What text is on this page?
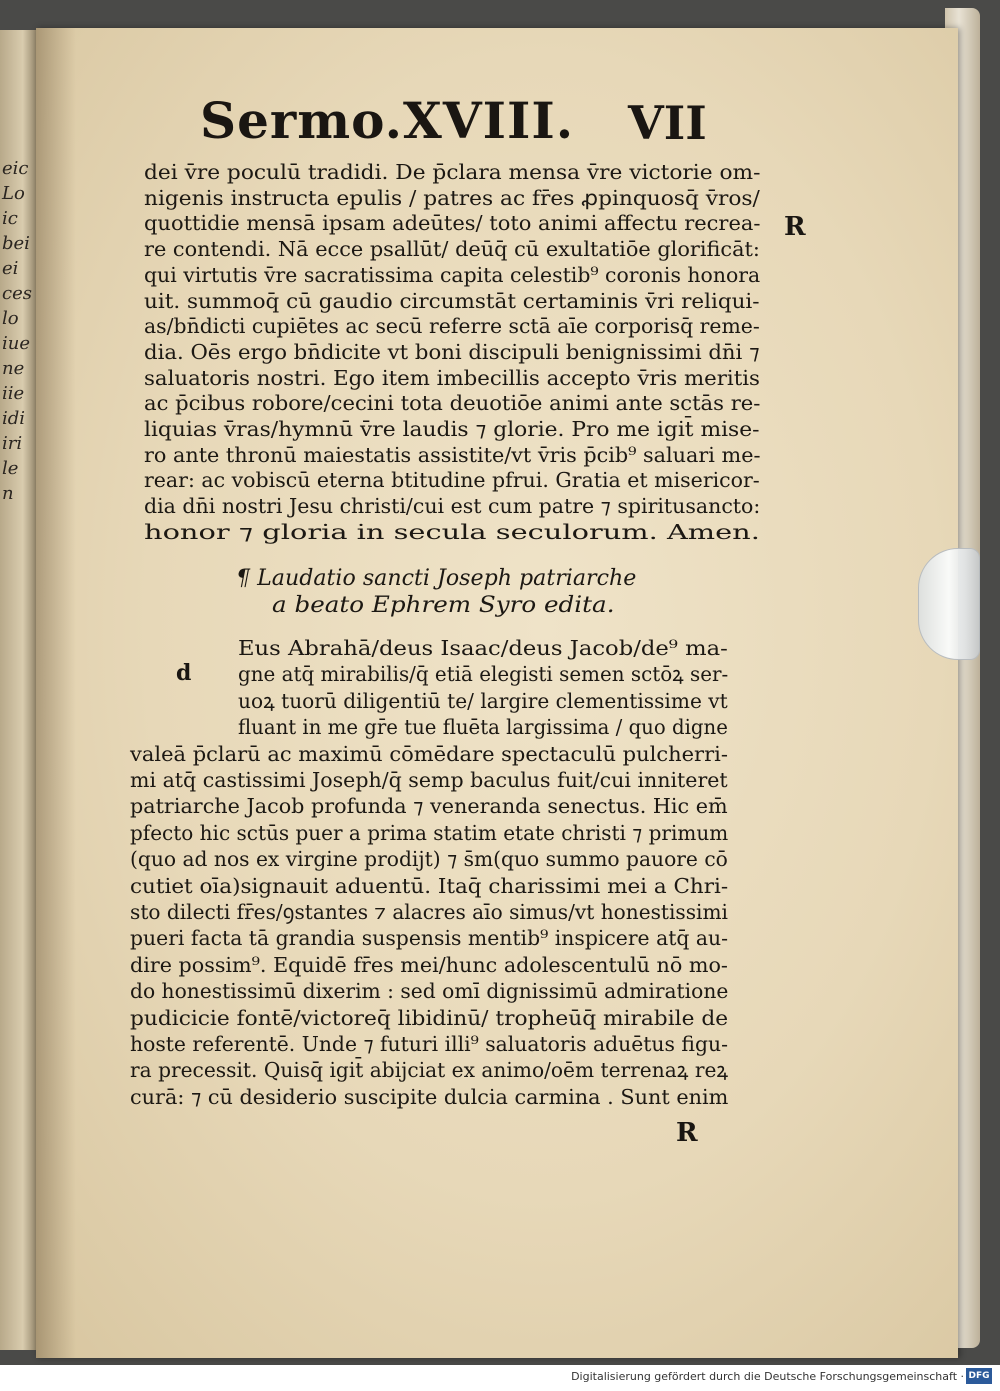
eic
Lo
ic
bei
ei
ces
lo
iue
ne
iie
idi
iri
le
n
Sermo.XVIII. VII
R
d
R
dei v̄re poculū tradidi. De p̄clara mensa v̄re victorie om-
nigenis instructa epulis / patres ac fr̄es ꝓpinquosq̄ v̄ros/
quottidie mensā ipsam adeūtes/ toto animi affectu recrea-
re contendi. Nā ecce psallūt/ deūq̄ cū exultatiōe glorificāt:
qui virtutis v̄re sacratissima capita celestib⁹ coronis honora
uit. summoq̄ cū gaudio circumstāt certaminis v̄ri reliqui-
as/bn̄dicti cupiētes ac secū referre sctā aīe corporisq̄ reme-
dia. Oēs ergo bn̄dicite vt boni discipuli benignissimi dn̄i ⁊
saluatoris nostri. Ego item imbecillis accepto v̄ris meritis
ac p̄cibus robore/cecini tota deuotiōe animi ante sctās re-
liquias v̄ras/hymnū v̄re laudis ⁊ glorie. Pro me igit̄ mise-
ro ante thronū maiestatis assistite/vt v̄ris p̄cib⁹ saluari me-
rear: ac vobiscū eterna btitudine pfrui. Gratia et misericor-
dia dn̄i nostri Jesu christi/cui est cum patre ⁊ spiritusancto:
honor ⁊ gloria in secula seculorum. Amen.
¶ Laudatio sancti Joseph patriarche
a beato Ephrem Syro edita.
Eus Abrahā/deus Isaac/deus Jacob/de⁹ ma-
gne atq̄ mirabilis/q̄ etiā elegisti semen sctōꝝ ser-
uoꝝ tuorū diligentiū te/ largire clementissime vt
fluant in me gr̄e tue fluēta largissima / quo digne
valeā p̄clarū ac maximū cōmēdare spectaculū pulcherri-
mi atq̄ castissimi Joseph/q̄ semp baculus fuit/cui inniteret
patriarche Jacob profunda ⁊ veneranda senectus. Hic em̄
pfecto hic sctūs puer a prima statim etate christi ⁊ primum
(quo ad nos ex virgine prodijt) ⁊ s̄m(quo summo pauore cō
cutiet oīa)signauit aduentū. Itaq̄ charissimi mei a Chri-
sto dilecti fr̄es/ꝯstantes ⁊ alacres aīo simus/vt honestissimi
pueri facta tā grandia suspensis mentib⁹ inspicere atq̄ au-
dire possim⁹. Equidē fr̄es mei/hunc adolescentulū nō mo-
do honestissimū dixerim : sed omī dignissimū admiratione
pudicicie fontē/victoreq̄ libidinū/ tropheūq̄ mirabile de
hoste referentē. Unde ⁊ futuri illi⁹ saluatoris aduētus figu-
ra precessit. Quisq̄ igit̄ abijciat ex animo/oēm terrenaꝝ reꝝ
curā: ⁊ cū desiderio suscipite dulcia carmina . Sunt enim
Digitalisierung gefördert durch die Deutsche Forschungsgemeinschaft · DFG
